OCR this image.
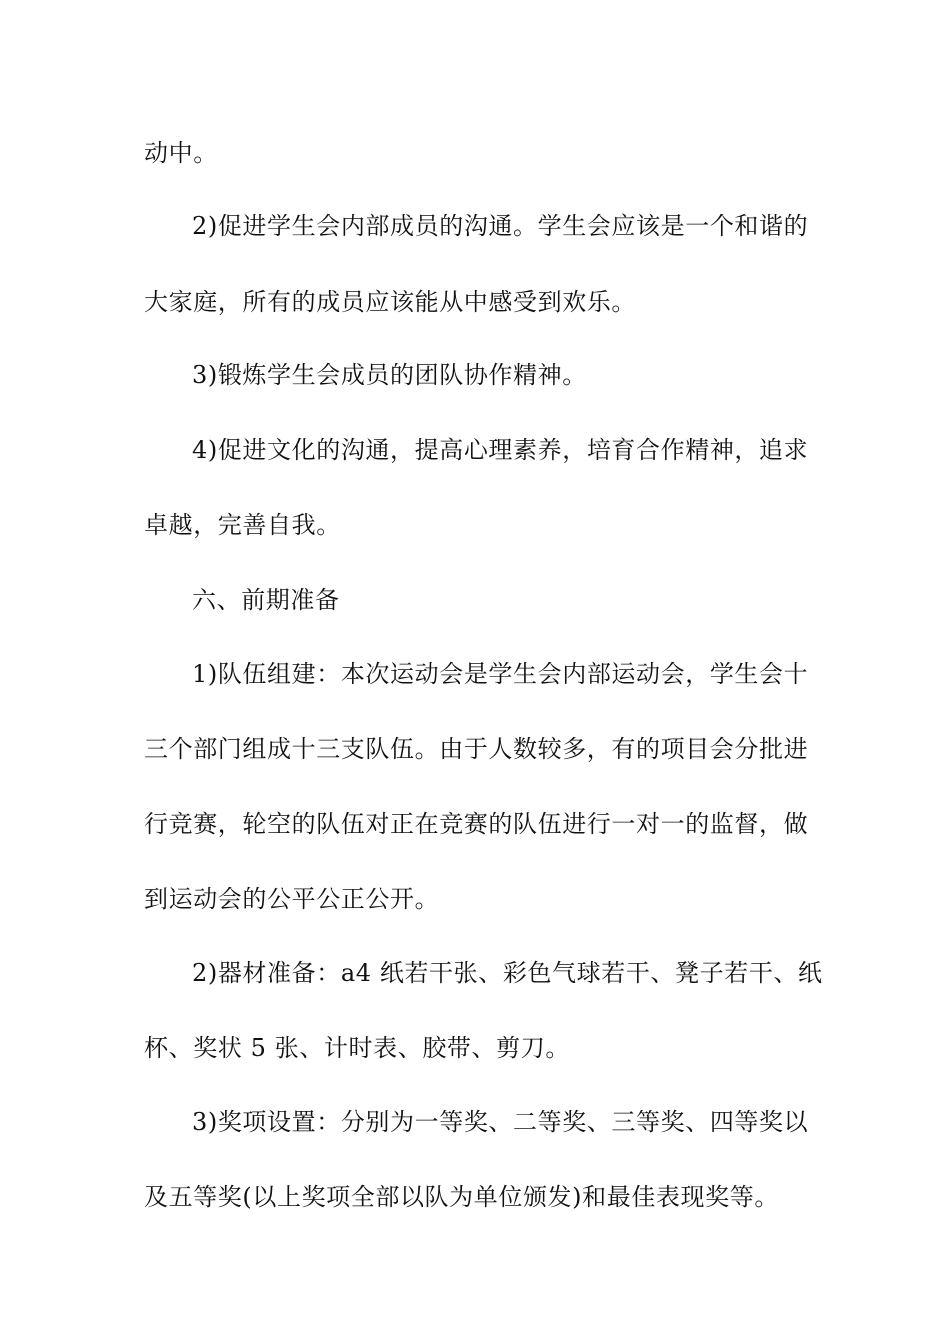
动中。
2)促进学生会内部成员的沟通。学生会应该是一个和谐的
大家庭，所有的成员应该能从中感受到欢乐。
3)锻炼学生会成员的团队协作精神。
4)促进文化的沟通，提高心理素养，培育合作精神，追求
卓越，完善自我。
六、前期准备
1)队伍组建：本次运动会是学生会内部运动会，学生会十
三个部门组成十三支队伍。由于人数较多，有的项目会分批进
行竞赛，轮空的队伍对正在竞赛的队伍进行一对一的监督，做
到运动会的公平公正公开。
2)器材准备：a4 纸若干张、彩色气球若干、凳子若干、纸
杯、奖状 5 张、计时表、胶带、剪刀。
3)奖项设置：分别为一等奖、二等奖、三等奖、四等奖以
及五等奖(以上奖项全部以队为单位颁发)和最佳表现奖等。
